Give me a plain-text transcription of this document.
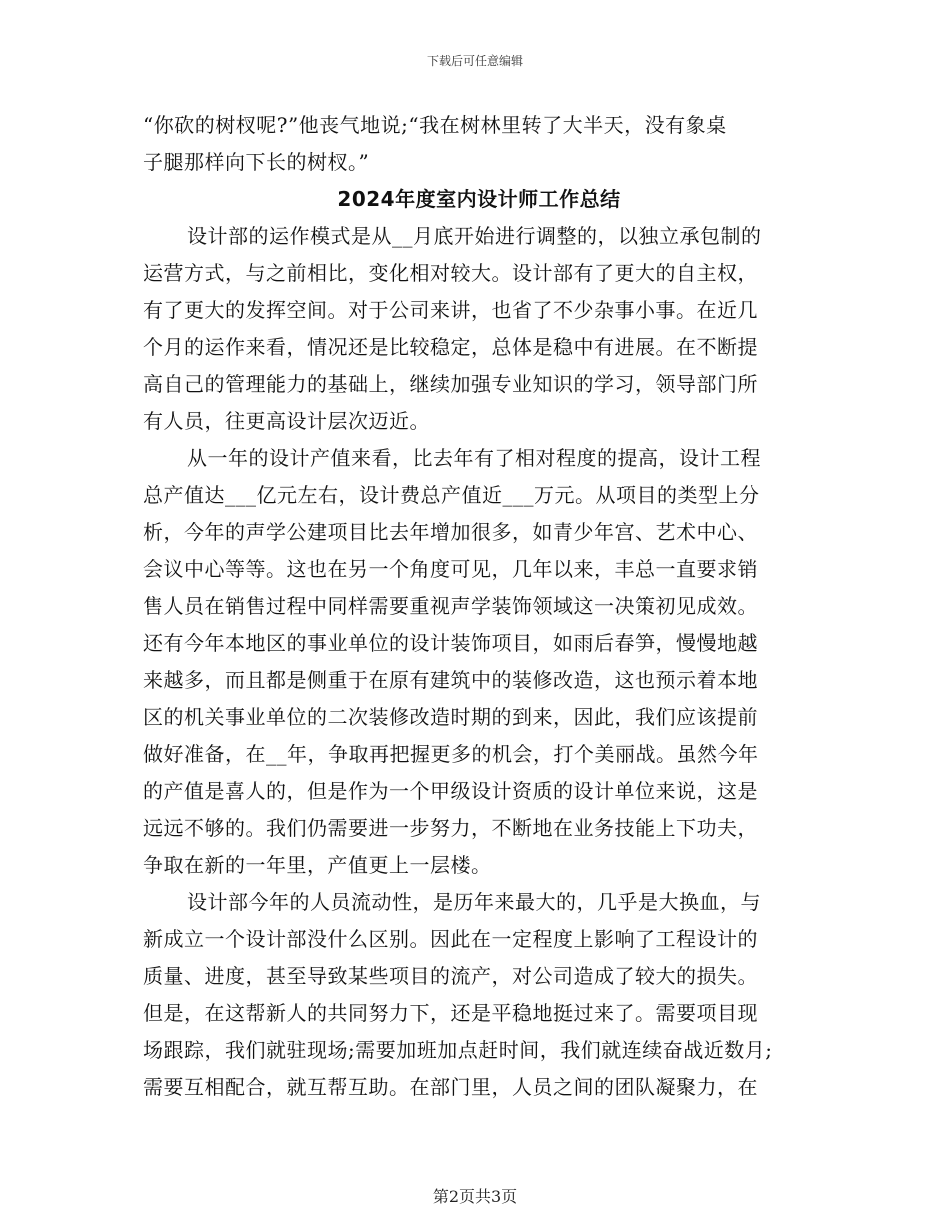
下载后可任意编辑
“你砍的树杈呢?”他丧气地说;“我在树林里转了大半天，没有象桌
子腿那样向下长的树杈。”
2024年度室内设计师工作总结
设计部的运作模式是从__月底开始进行调整的，以独立承包制的
运营方式，与之前相比，变化相对较大。设计部有了更大的自主权，
有了更大的发挥空间。对于公司来讲，也省了不少杂事小事。在近几
个月的运作来看，情况还是比较稳定，总体是稳中有进展。在不断提
高自己的管理能力的基础上，继续加强专业知识的学习，领导部门所
有人员，往更高设计层次迈近。
从一年的设计产值来看，比去年有了相对程度的提高，设计工程
总产值达___亿元左右，设计费总产值近___万元。从项目的类型上分
析，今年的声学公建项目比去年增加很多，如青少年宫、艺术中心、
会议中心等等。这也在另一个角度可见，几年以来，丰总一直要求销
售人员在销售过程中同样需要重视声学装饰领域这一决策初见成效。
还有今年本地区的事业单位的设计装饰项目，如雨后春笋，慢慢地越
来越多，而且都是侧重于在原有建筑中的装修改造，这也预示着本地
区的机关事业单位的二次装修改造时期的到来，因此，我们应该提前
做好准备，在__年，争取再把握更多的机会，打个美丽战。虽然今年
的产值是喜人的，但是作为一个甲级设计资质的设计单位来说，这是
远远不够的。我们仍需要进一步努力，不断地在业务技能上下功夫，
争取在新的一年里，产值更上一层楼。
设计部今年的人员流动性，是历年来最大的，几乎是大换血，与
新成立一个设计部没什么区别。因此在一定程度上影响了工程设计的
质量、进度，甚至导致某些项目的流产，对公司造成了较大的损失。
但是，在这帮新人的共同努力下，还是平稳地挺过来了。需要项目现
场跟踪，我们就驻现场;需要加班加点赶时间，我们就连续奋战近数月;
需要互相配合，就互帮互助。在部门里，人员之间的团队凝聚力，在
第2页共3页
